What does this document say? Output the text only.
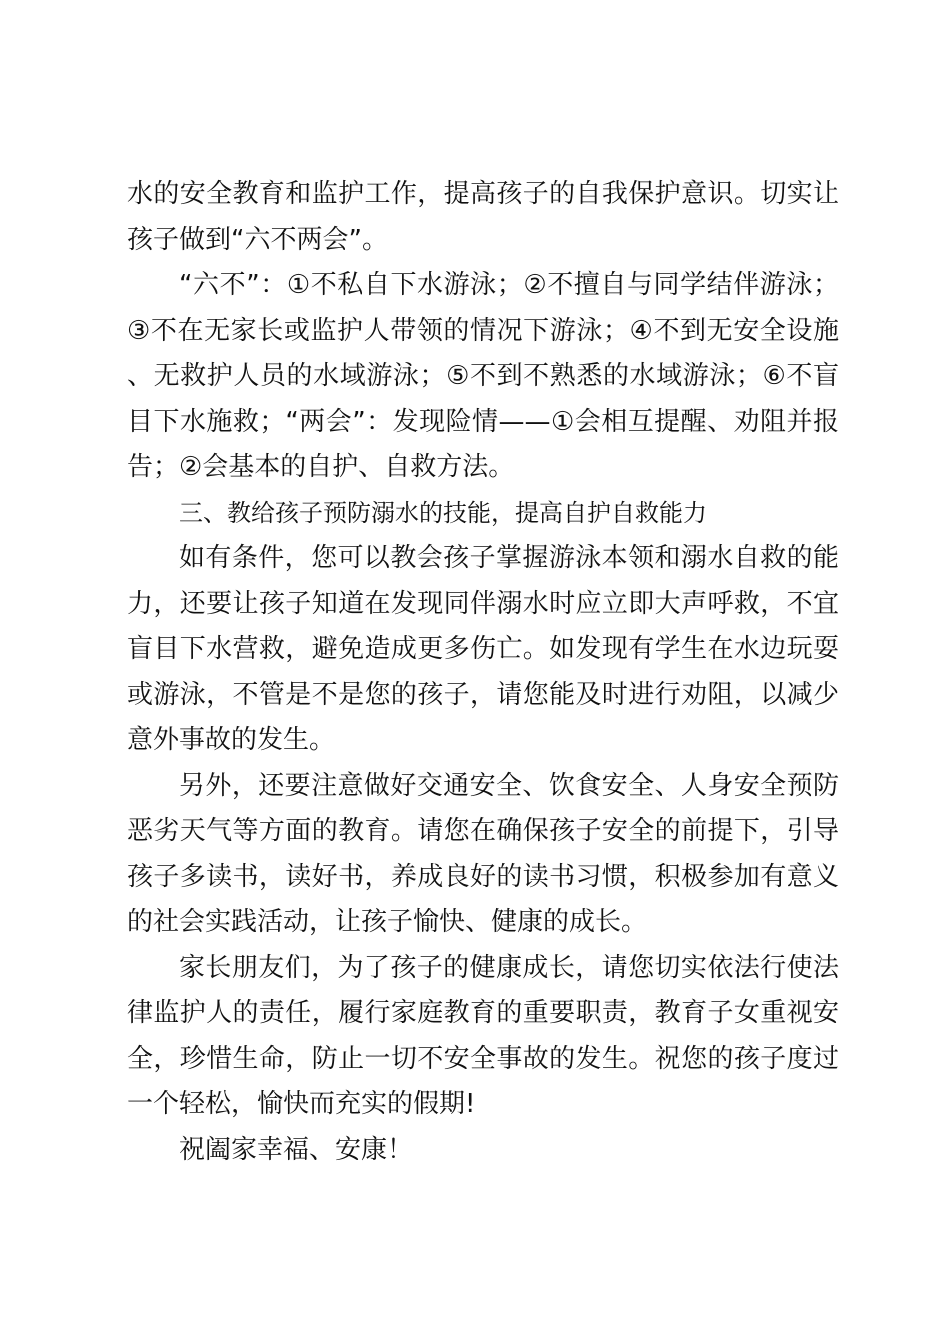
水的安全教育和监护工作，提高孩子的自我保护意识。切实让孩子做到“六不两会”。

“六不”：①不私自下水游泳；②不擅自与同学结伴游泳；③不在无家长或监护人带领的情况下游泳；④不到无安全设施、无救护人员的水域游泳；⑤不到不熟悉的水域游泳；⑥不盲目下水施救；“两会”：发现险情——①会相互提醒、劝阻并报告；②会基本的自护、自救方法。

三、教给孩子预防溺水的技能，提高自护自救能力

如有条件，您可以教会孩子掌握游泳本领和溺水自救的能力，还要让孩子知道在发现同伴溺水时应立即大声呼救，不宜盲目下水营救，避免造成更多伤亡。如发现有学生在水边玩耍或游泳，不管是不是您的孩子，请您能及时进行劝阻，以减少意外事故的发生。

另外，还要注意做好交通安全、饮食安全、人身安全预防恶劣天气等方面的教育。请您在确保孩子安全的前提下，引导孩子多读书，读好书，养成良好的读书习惯，积极参加有意义的社会实践活动，让孩子愉快、健康的成长。

家长朋友们，为了孩子的健康成长，请您切实依法行使法律监护人的责任，履行家庭教育的重要职责，教育子女重视安全，珍惜生命，防止一切不安全事故的发生。祝您的孩子度过一个轻松，愉快而充实的假期!

祝阖家幸福、安康！
